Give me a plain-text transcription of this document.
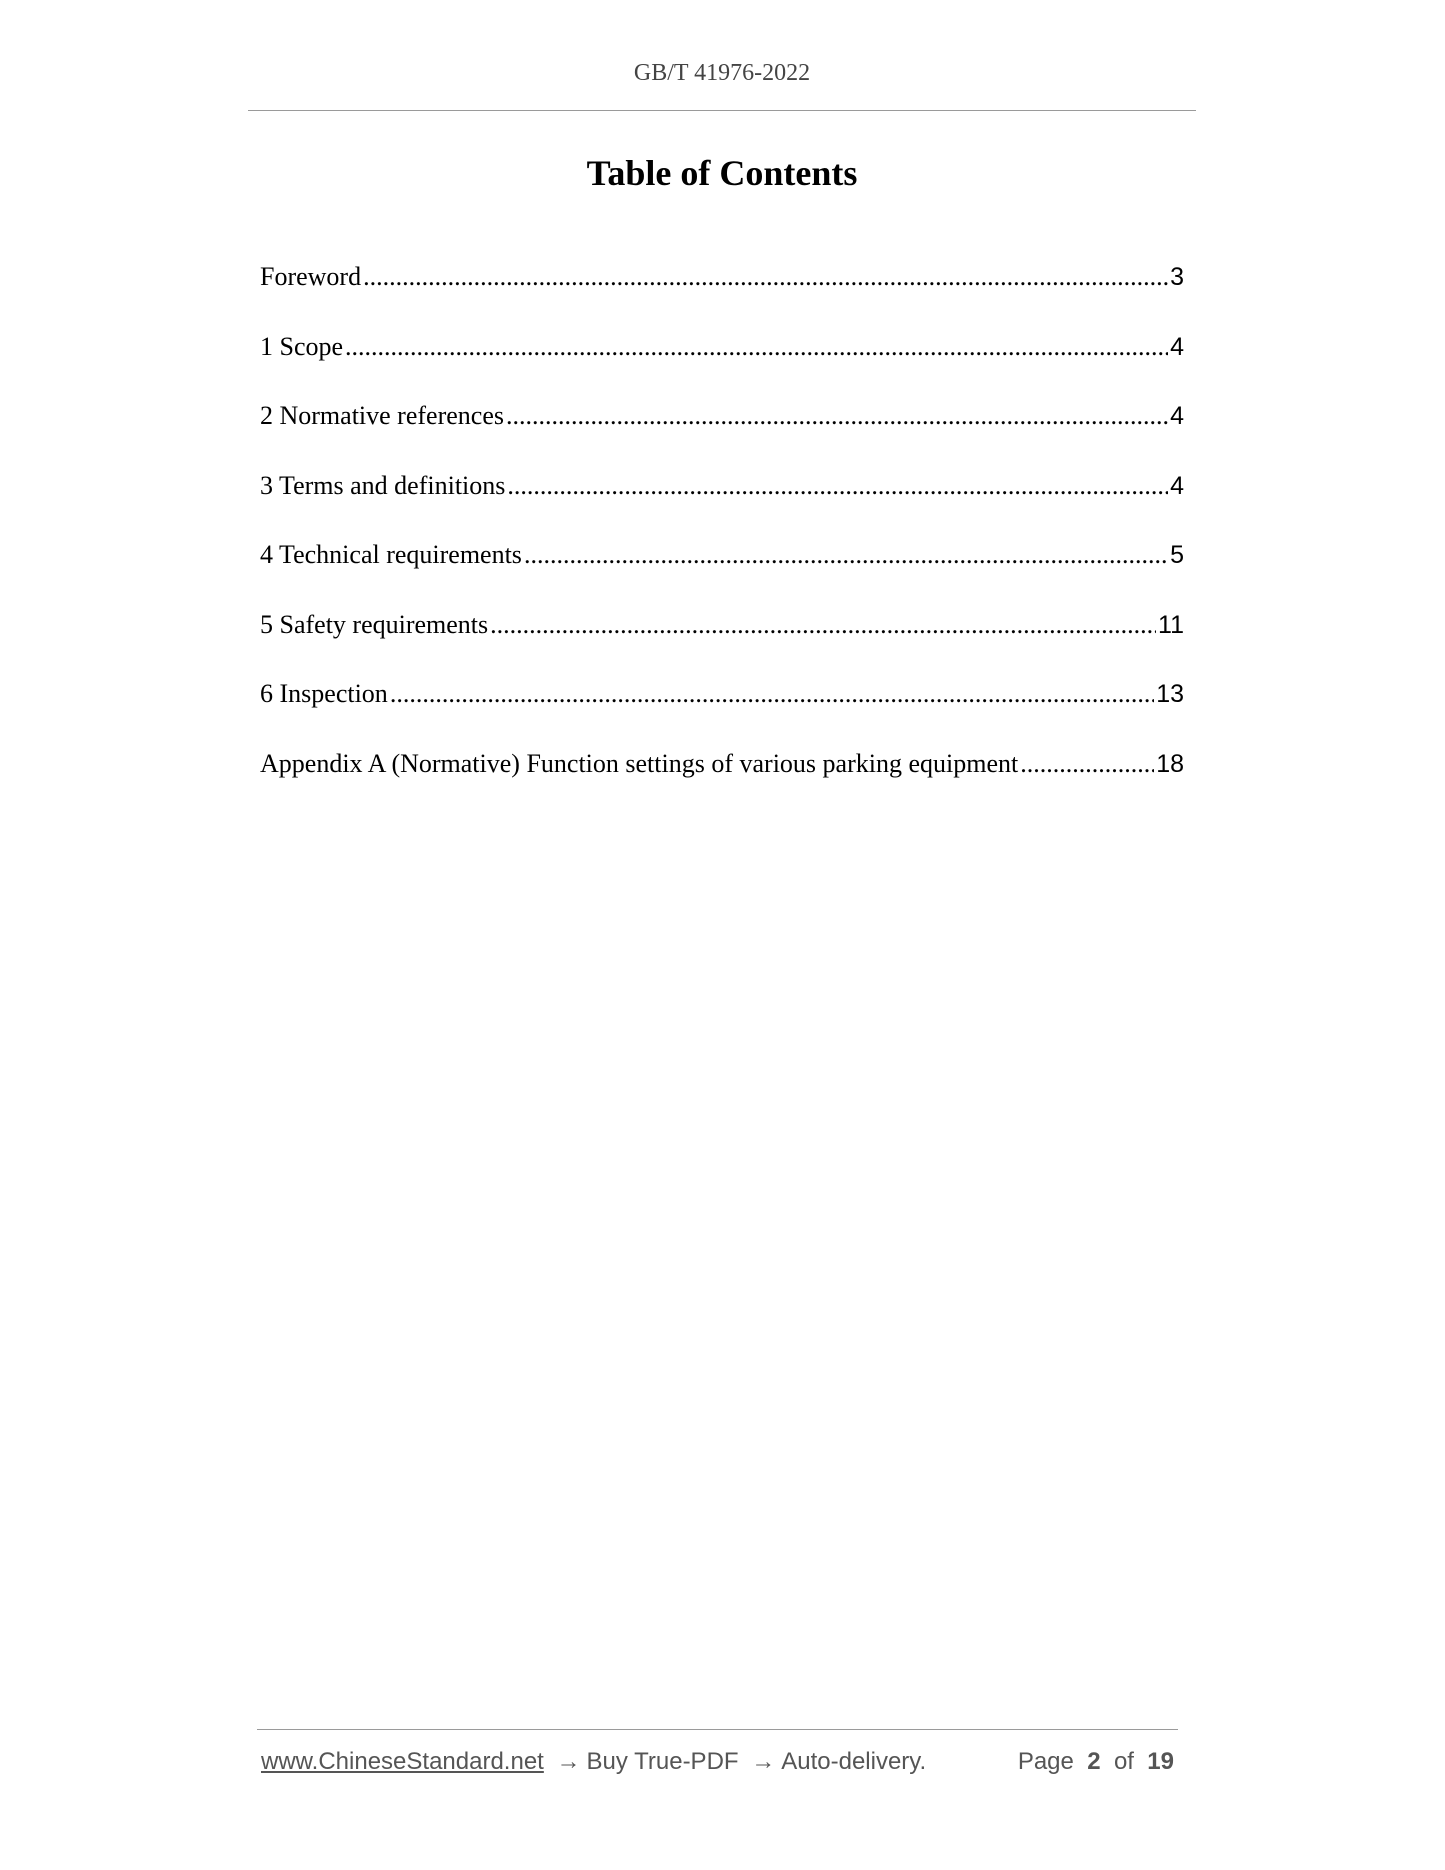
GB/T 41976-2022
Table of Contents
Foreword .....	3
1 Scope .....	4
2 Normative references .....	4
3 Terms and definitions .....	4
4 Technical requirements .....	5
5 Safety requirements .....	11
6 Inspection .....	13
Appendix A (Normative) Function settings of various parking equipment .....	18
www.ChineseStandard.net → Buy True-PDF → Auto-delivery.	Page 2 of 19
